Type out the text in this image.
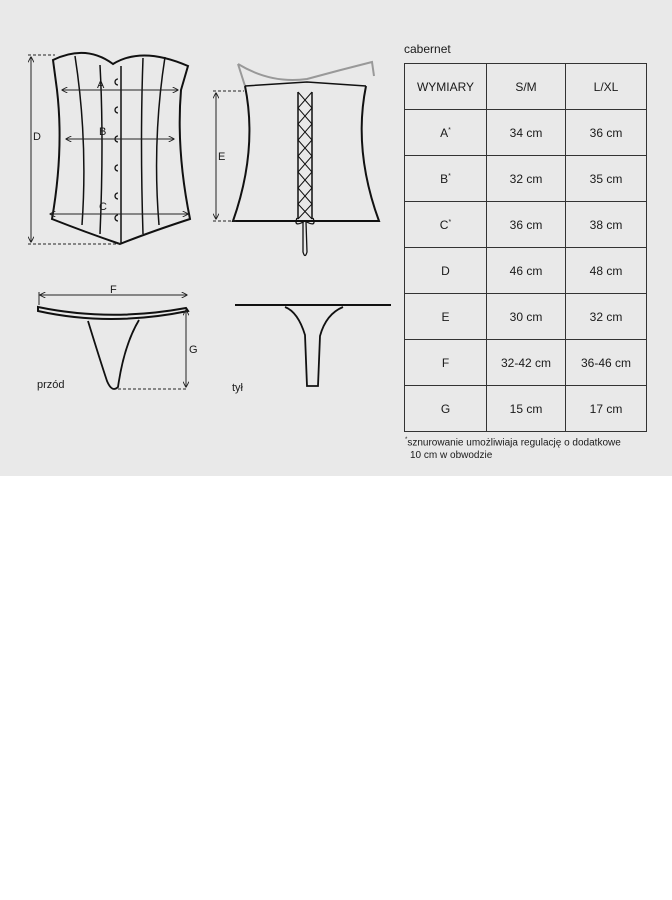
A
B
C
D
E
F
G
przód	tył
cabernet
WYMIARY	S/M	L/XL
A*	34 cm	36 cm
B*	32 cm	35 cm
C*	36 cm	38 cm
D	46 cm	48 cm
E	30 cm	32 cm
F	32-42 cm	36-46 cm
G	15 cm	17 cm
*sznurowanie umożliwiaja regulację o dodatkowe
10 cm w obwodzie
